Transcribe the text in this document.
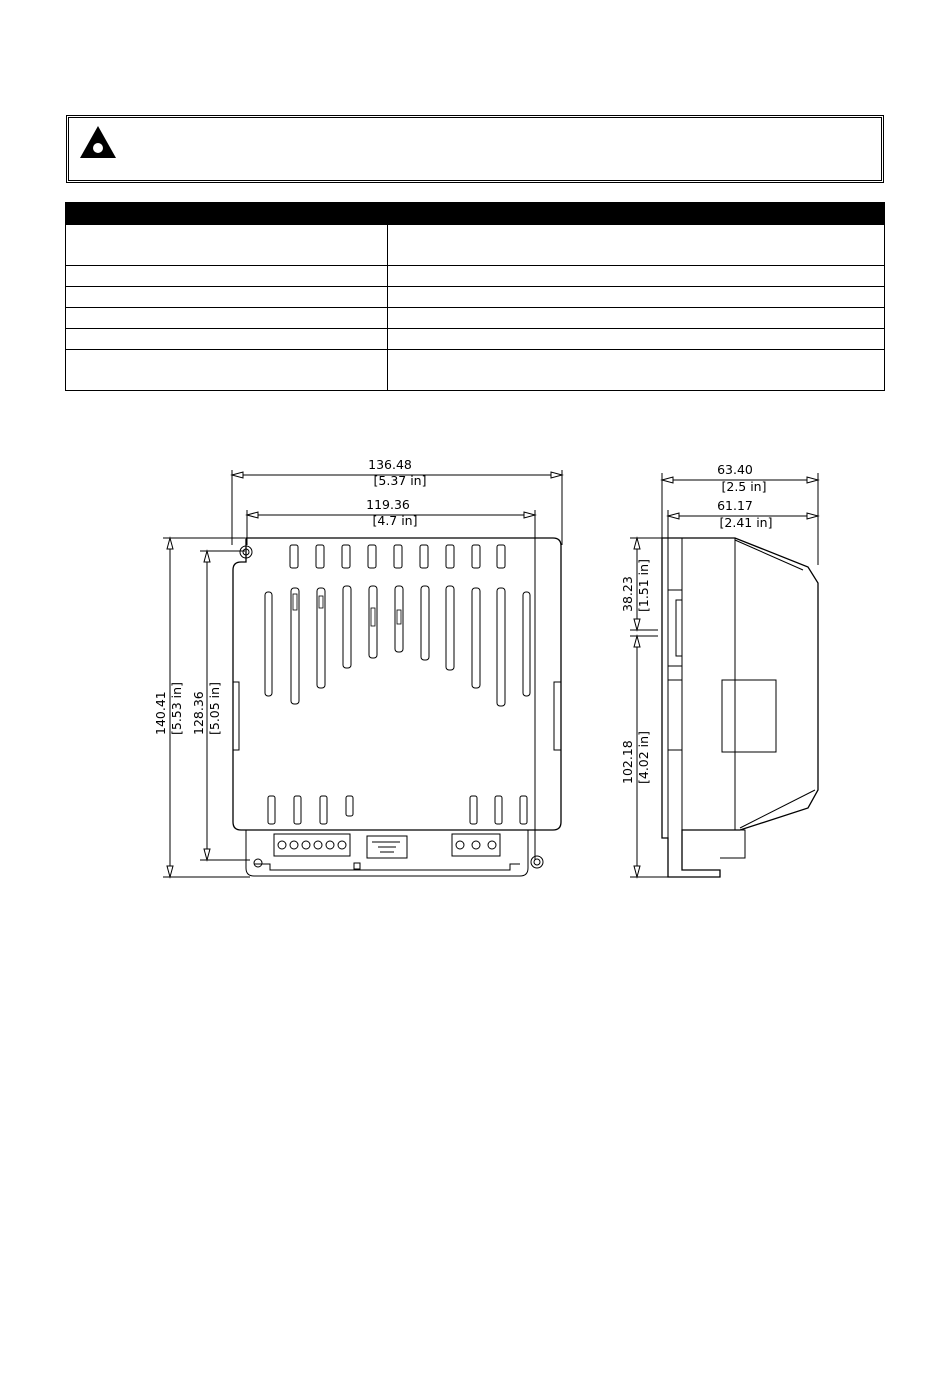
136.48
[5.37 in]
119.36
[4.7 in]
140.41 [5.53 in] 128.36 [5.05 in]
63.40
[2.5 in]
61.17
[2.41 in]
38.23 [1.51 in]
102.18 [4.02 in]
